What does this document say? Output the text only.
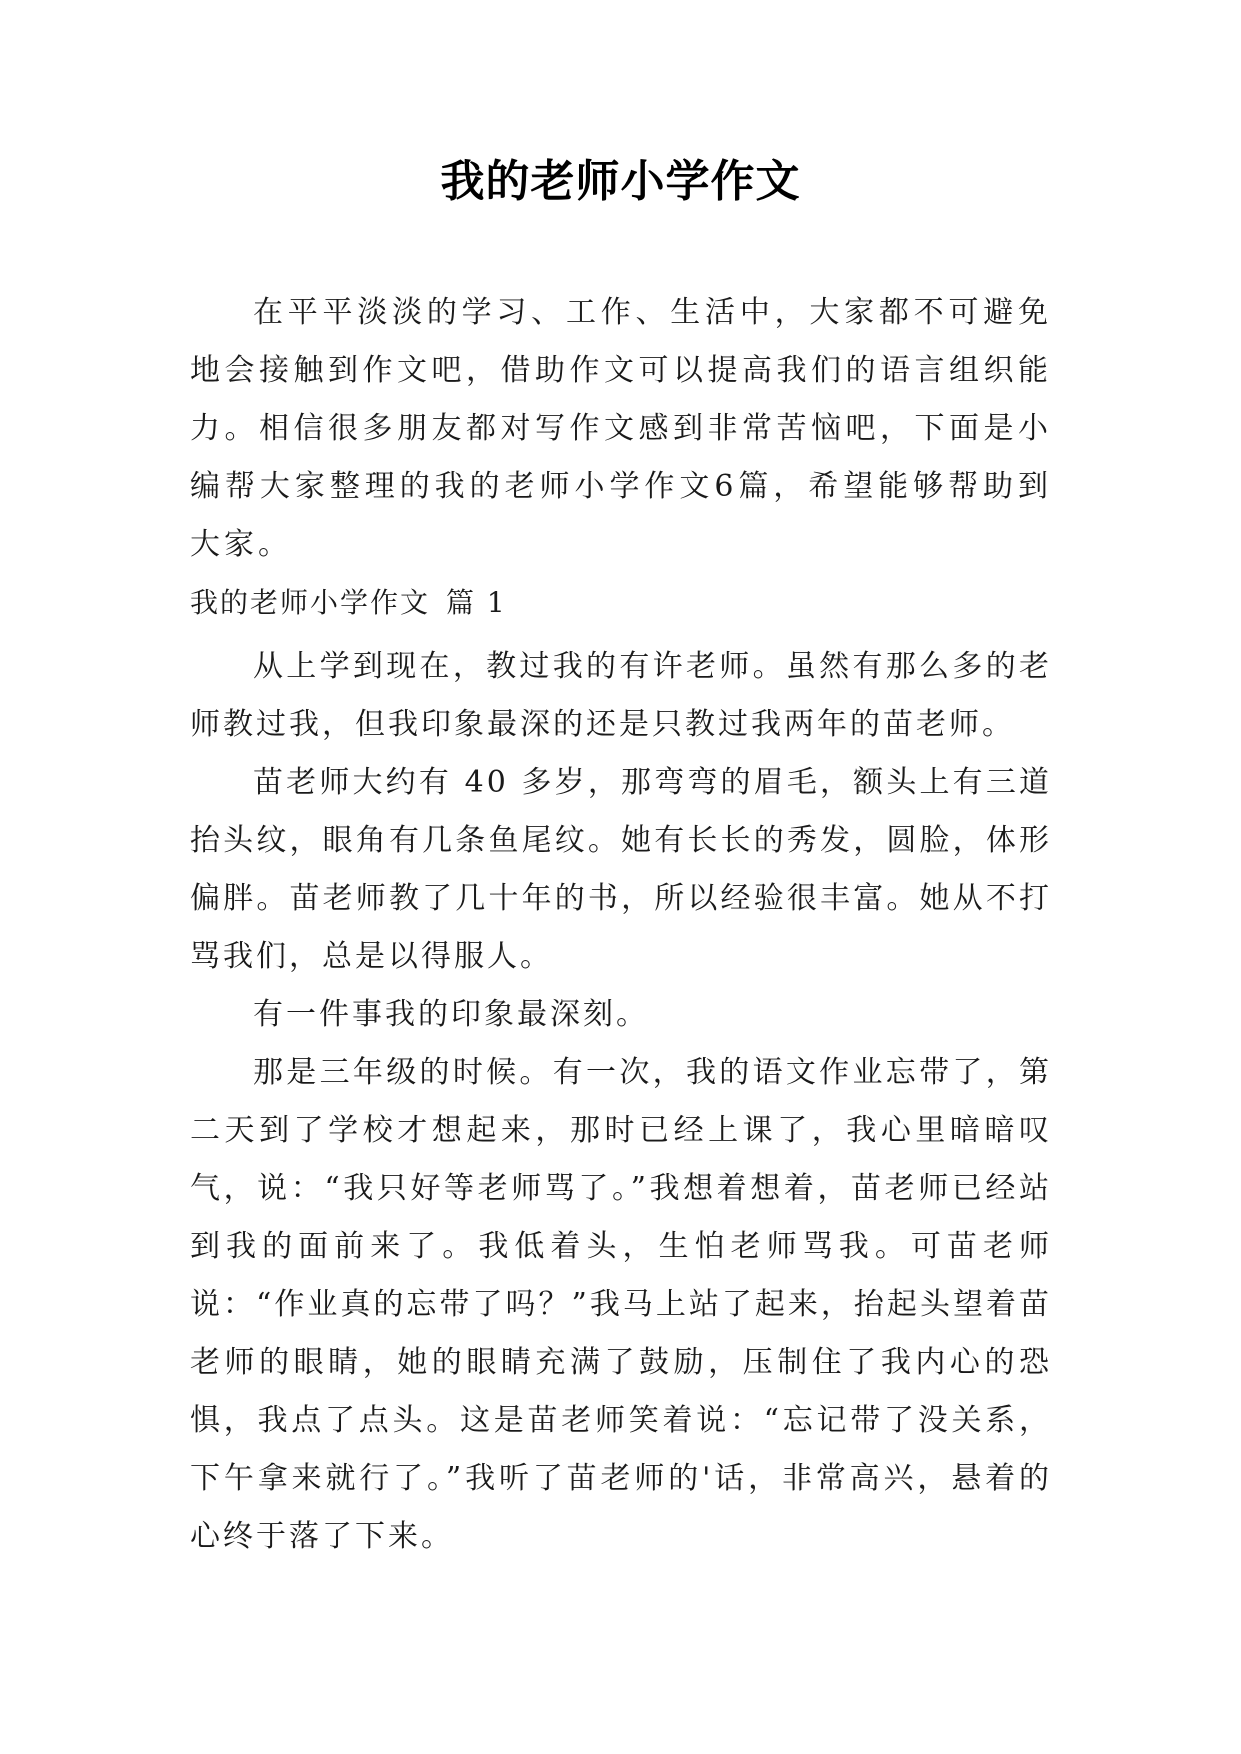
我的老师小学作文

在平平淡淡的学习、工作、生活中，大家都不可避免地会接触到作文吧，借助作文可以提高我们的语言组织能力。相信很多朋友都对写作文感到非常苦恼吧，下面是小编帮大家整理的我的老师小学作文6篇，希望能够帮助到大家。

我的老师小学作文 篇 1

从上学到现在，教过我的有许老师。虽然有那么多的老师教过我，但我印象最深的还是只教过我两年的苗老师。

苗老师大约有 40 多岁，那弯弯的眉毛，额头上有三道抬头纹，眼角有几条鱼尾纹。她有长长的秀发，圆脸，体形偏胖。苗老师教了几十年的书，所以经验很丰富。她从不打骂我们，总是以得服人。

有一件事我的印象最深刻。

那是三年级的时候。有一次，我的语文作业忘带了，第二天到了学校才想起来，那时已经上课了，我心里暗暗叹气，说：“我只好等老师骂了。”我想着想着，苗老师已经站到我的面前来了。我低着头，生怕老师骂我。可苗老师说：“作业真的忘带了吗？”我马上站了起来，抬起头望着苗老师的眼睛，她的眼睛充满了鼓励，压制住了我内心的恐惧，我点了点头。这是苗老师笑着说：“忘记带了没关系，下午拿来就行了。”我听了苗老师的'话，非常高兴，悬着的心终于落了下来。
